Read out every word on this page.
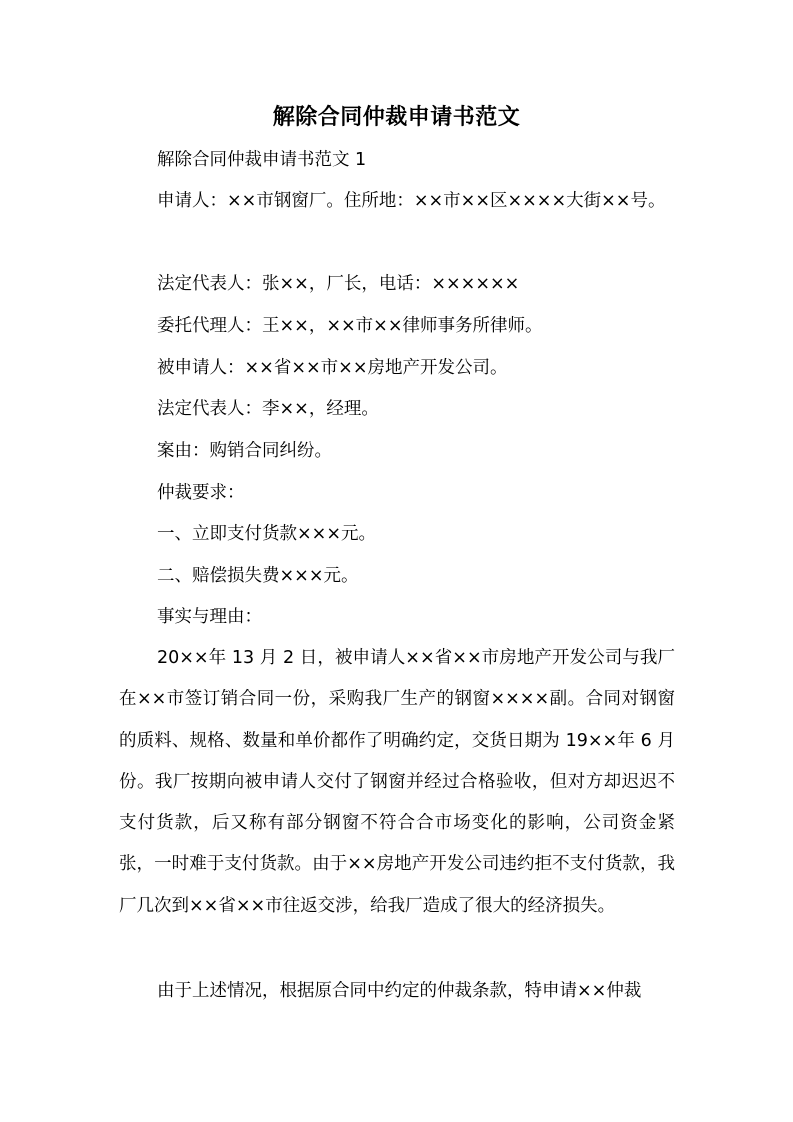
解除合同仲裁申请书范文

解除合同仲裁申请书范文 1

申请人：××市钢窗厂。住所地：××市××区××××大街××号。

法定代表人：张××，厂长，电话：××××××

委托代理人：王××，××市××律师事务所律师。

被申请人：××省××市××房地产开发公司。

法定代表人：李××，经理。

案由：购销合同纠纷。

仲裁要求：

一、立即支付货款×××元。

二、赔偿损失费×××元。

事实与理由：

20××年 13 月 2 日，被申请人××省××市房地产开发公司与我厂在××市签订销合同一份，采购我厂生产的钢窗××××副。合同对钢窗的质料、规格、数量和单价都作了明确约定，交货日期为 19××年 6 月份。我厂按期向被申请人交付了钢窗并经过合格验收，但对方却迟迟不支付货款，后又称有部分钢窗不符合合市场变化的影响，公司资金紧张，一时难于支付货款。由于××房地产开发公司违约拒不支付货款，我厂几次到××省××市往返交涉，给我厂造成了很大的经济损失。

由于上述情况，根据原合同中约定的仲裁条款，特申请××仲裁
